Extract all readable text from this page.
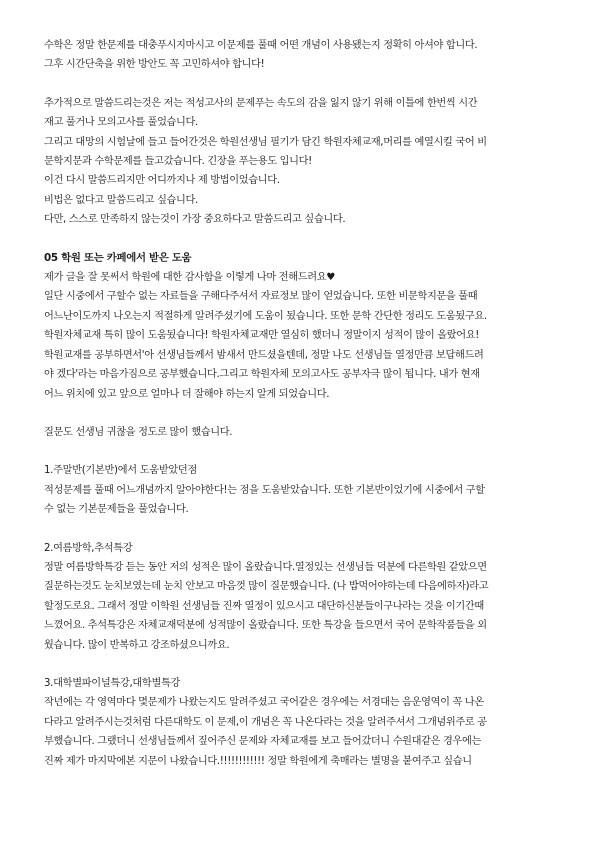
수학은 정말 한문제를 대충푸시지마시고 이문제를 풀때 어떤 개념이 사용됐는지 정확히 아셔야 합니다.
그후 시간단축을 위한 방안도 꼭 고민하셔야 합니다!

추가적으로 말씀드리는것은 저는 적성고사의 문제푸는 속도의 감을 잃지 않기 위해 이틀에 한번씩 시간
재고 풀거나 모의고사를 풀었습니다.
그리고 대망의 시험날에 들고 들어간것은 학원선생님 필기가 담긴 학원자체교재,머리를 예열시킬 국어 비
문학지문과 수학문제를 들고갔습니다. 긴장을 푸는용도 입니다!
이건 다시 말씀드리지만 어디까지나 제 방법이었습니다.
비법은 없다고 말씀드리고 싶습니다.
다만, 스스로 만족하지 않는것이 가장 중요하다고 말씀드리고 싶습니다.

05 학원 또는 카페에서 받은 도움

제가 글을 잘 못써서 학원에 대한 감사함을 이렇게 나마 전해드려요♥
일단 시중에서 구할수 없는 자료들을 구해다주셔서 자료정보 많이 얻었습니다. 또한 비문학지문을 풀때
어느난이도까지 나오는지 적절하게 알려주셨기에 도움이 됬습니다. 또한 문학 간단한 정리도 도움됬구요.
학원자체교재 특히 많이 도움됬습니다! 학원자체교재만 열심히 했더니 정말이지 성적이 많이 올랐어요!
학원교재를 공부하면서'아 선생님들께서 밤새서 만드셨을텐데, 정말 나도 선생님들 열정만큼 보답해드려
야 겠다'라는 마음가짐으로 공부했습니다.그리고 학원자체 모의고사도 공부자극 많이 됩니다. 내가 현재
어느 위치에 있고 앞으로 얼마나 더 잘해야 하는지 알게 되었습니다.

질문도 선생님 귀찮을 정도로 많이 했습니다.

1.주말반(기본반)에서 도움받았던점

적성문제를 풀때 어느개념까지 알아야한다!는 점을 도움받았습니다. 또한 기본반이었기에 시중에서 구할
수 없는 기본문제들을 풀었습니다.

2.여름방학,추석특강

정말 여름방학특강 듣는 동안 저의 성적은 많이 올랐습니다.열정있는 선생님들 덕분에 다른학원 같았으면
질문하는것도 눈치보였는데 눈치 안보고 마음껏 많이 질문했습니다. (나 밥먹어야하는데 다음에하자)라고
할정도로요. 그래서 정말 이학원 선생님들 진짜 열정이 있으시고 대단하신분들이구나라는 것을 이기간때
느꼈어요. 추석특강은 자체교재덕분에 성적많이 올랐습니다. 또한 특강을 들으면서 국어 문학작품들을 외
웠습니다. 많이 반복하고 강조하셨으니까요.

3.대학별파이널특강,대학별특강

작년에는 각 영역마다 몇문제가 나왔는지도 알려주셨고 국어같은 경우에는 서경대는 음운영역이 꼭 나온
다라고 알려주시는것처럼 다른대학도 이 문제,이 개념은 꼭 나온다라는 것을 알려주셔서 그개념위주로 공
부했습니다. 그랬더니 선생님들께서 짚어주신 문제와 자체교재를 보고 들어갔더니 수원대같은 경우에는
진짜 제가 마지막에본 지문이 나왔습니다.!!!!!!!!!!!! 정말 학원에게 축매라는 별명을 붙여주고 싶습니
